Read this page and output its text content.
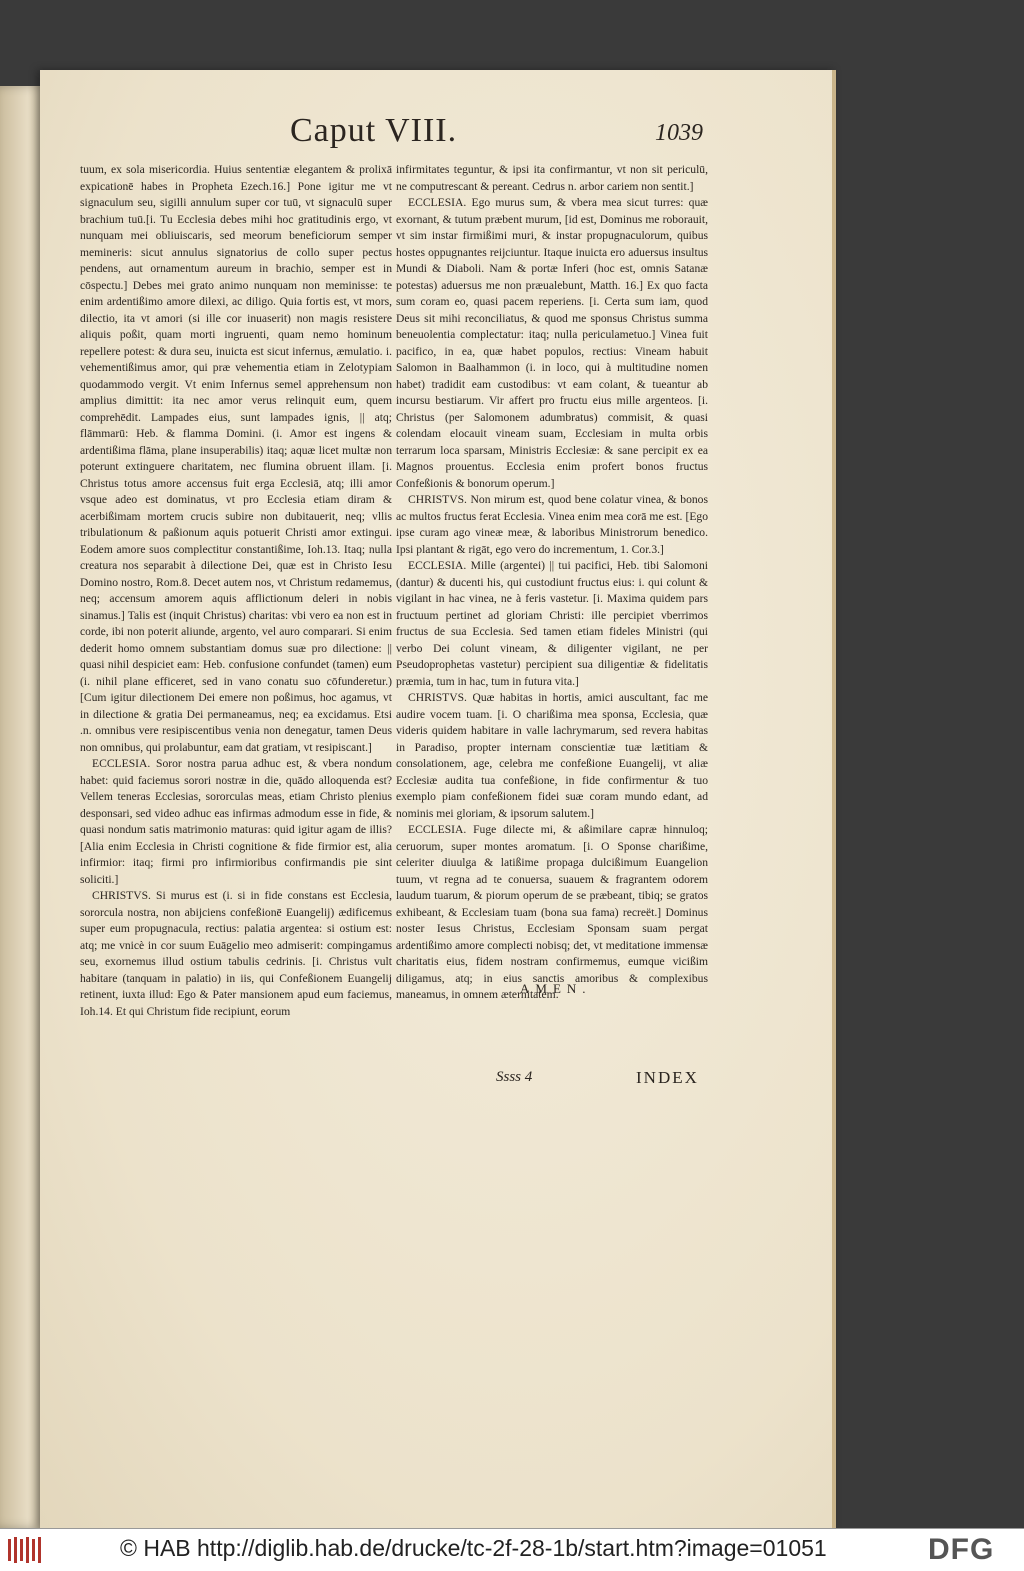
Caput VIII.	1039

tuum, ex sola misericordia. Huius sententiæ elegantem & prolixā expicationē habes in Propheta Ezech.16.] Pone igitur me vt signaculum seu, sigilli annulum super cor tuū, vt signaculū super brachium tuū.[i. Tu Ecclesia debes mihi hoc gratitudinis ergo, vt nunquam mei obliuiscaris, sed meorum beneficiorum semper memineris: sicut annulus signatorius de collo super pectus pendens, aut ornamentum aureum in brachio, semper est in cōspectu.] Debes mei grato animo nunquam non meminisse: te enim ardentißimo amore dilexi, ac diligo. Quia fortis est, vt mors, dilectio, ita vt amori (si ille cor inuaserit) non magis resistere aliquis poßit, quam morti ingruenti, quam nemo hominum repellere potest: & dura seu, inuicta est sicut infernus, æmulatio. i. vehementißimus amor, qui præ vehementia etiam in Zelotypiam quodammodo vergit. Vt enim Infernus semel apprehensum non amplius dimittit: ita nec amor verus relinquit eum, quem comprehēdit. Lampades eius, sunt lampades ignis, || atq; flāmmarū: Heb. & flamma Domini. (i. Amor est ingens & ardentißima flāma, plane insuperabilis) itaq; aquæ licet multæ non poterunt extinguere charitatem, nec flumina obruent illam. [i. Christus totus amore accensus fuit erga Ecclesiā, atq; illi amor vsque adeo est dominatus, vt pro Ecclesia etiam diram & acerbißimam mortem crucis subire non dubitauerit, neq; vllis tribulationum & paßionum aquis potuerit Christi amor extingui. Eodem amore suos complectitur constantißime, Ioh.13. Itaq; nulla creatura nos separabit à dilectione Dei, quæ est in Christo Iesu Domino nostro, Rom.8. Decet autem nos, vt Christum redamemus, neq; accensum amorem aquis afflictionum deleri in nobis sinamus.] Talis est (inquit Christus) charitas: vbi vero ea non est in corde, ibi non poterit aliunde, argento, vel auro comparari. Si enim dederit homo omnem substantiam domus suæ pro dilectione: || quasi nihil despiciet eam: Heb. confusione confundet (tamen) eum (i. nihil plane efficeret, sed in vano conatu suo cōfunderetur.) [Cum igitur dilectionem Dei emere non poßimus, hoc agamus, vt in dilectione & gratia Dei permaneamus, neq; ea excidamus. Etsi .n. omnibus vere resipiscentibus venia non denegatur, tamen Deus non omnibus, qui prolabuntur, eam dat gratiam, vt resipiscant.]

ECCLESIA. Soror nostra parua adhuc est, & vbera nondum habet: quid faciemus sorori nostræ in die, quādo alloquenda est? Vellem teneras Ecclesias, sororculas meas, etiam Christo plenius desponsari, sed video adhuc eas infirmas admodum esse in fide, & quasi nondum satis matrimonio maturas: quid igitur agam de illis? [Alia enim Ecclesia in Christi cognitione & fide firmior est, alia infirmior: itaq; firmi pro infirmioribus confirmandis pie sint soliciti.]

CHRISTVS. Si murus est (i. si in fide constans est Ecclesia, sororcula nostra, non abijciens confeßionē Euangelij) ædificemus super eum propugnacula, rectius: palatia argentea: si ostium est: atq; me vnicè in cor suum Euāgelio meo admiserit: compingamus seu, exornemus illud ostium tabulis cedrinis. [i. Christus vult habitare (tanquam in palatio) in iis, qui Confeßionem Euangelij retinent, iuxta illud: Ego & Pater mansionem apud eum faciemus, Ioh.14. Et qui Christum fide recipiunt, eorum

infirmitates teguntur, & ipsi ita confirmantur, vt non sit periculū, ne computrescant & pereant. Cedrus n. arbor cariem non sentit.]

ECCLESIA. Ego murus sum, & vbera mea sicut turres: quæ exornant, & tutum præbent murum, [id est, Dominus me roborauit, vt sim instar firmißimi muri, & instar propugnaculorum, quibus hostes oppugnantes reijciuntur. Itaque inuicta ero aduersus insultus Mundi & Diaboli. Nam & portæ Inferi (hoc est, omnis Satanæ potestas) aduersus me non præualebunt, Matth. 16.] Ex quo facta sum coram eo, quasi pacem reperiens. [i. Certa sum iam, quod Deus sit mihi reconciliatus, & quod me sponsus Christus summa beneuolentia complectatur: itaq; nulla periculametuo.] Vinea fuit pacifico, in ea, quæ habet populos, rectius: Vineam habuit Salomon in Baalhammon (i. in loco, qui à multitudine nomen habet) tradidit eam custodibus: vt eam colant, & tueantur ab incursu bestiarum. Vir affert pro fructu eius mille argenteos. [i. Christus (per Salomonem adumbratus) commisit, & quasi colendam elocauit vineam suam, Ecclesiam in multa orbis terrarum loca sparsam, Ministris Ecclesiæ: & sane percipit ex ea Magnos prouentus. Ecclesia enim profert bonos fructus Confeßionis & bonorum operum.]

CHRISTVS. Non mirum est, quod bene colatur vinea, & bonos ac multos fructus ferat Ecclesia. Vinea enim mea corā me est. [Ego ipse curam ago vineæ meæ, & laboribus Ministrorum benedico. Ipsi plantant & rigāt, ego vero do incrementum, 1. Cor.3.]

ECCLESIA. Mille (argentei) || tui pacifici, Heb. tibi Salomoni (dantur) & ducenti his, qui custodiunt fructus eius: i. qui colunt & vigilant in hac vinea, ne à feris vastetur. [i. Maxima quidem pars fructuum pertinet ad gloriam Christi: ille percipiet vberrimos fructus de sua Ecclesia. Sed tamen etiam fideles Ministri (qui verbo Dei colunt vineam, & diligenter vigilant, ne per Pseudoprophetas vastetur) percipient sua diligentiæ & fidelitatis præmia, tum in hac, tum in futura vita.]

CHRISTVS. Quæ habitas in hortis, amici auscultant, fac me audire vocem tuam. [i. O charißima mea sponsa, Ecclesia, quæ videris quidem habitare in valle lachrymarum, sed revera habitas in Paradiso, propter internam conscientiæ tuæ lætitiam & consolationem, age, celebra me confeßione Euangelij, vt aliæ Ecclesiæ audita tua confeßione, in fide confirmentur & tuo exemplo piam confeßionem fidei suæ coram mundo edant, ad nominis mei gloriam, & ipsorum salutem.]

ECCLESIA. Fuge dilecte mi, & aßimilare capræ hinnuloq; ceruorum, super montes aromatum. [i. O Sponse charißime, celeriter diuulga & latißime propaga dulcißimum Euangelion tuum, vt regna ad te conuersa, suauem & fragrantem odorem laudum tuarum, & piorum operum de se præbeant, tibiq; se gratos exhibeant, & Ecclesiam tuam (bona sua fama) recreët.] Dominus noster Iesus Christus, Ecclesiam Sponsam suam pergat ardentißimo amore complecti nobisq; det, vt meditatione immensæ charitatis eius, fidem nostram confirmemus, eumque vicißim diligamus, atq; in eius sanctis amoribus & complexibus maneamus, in omnem æternitatem.

AMEN.
Ssss 4	INDEX
© HAB http://diglib.hab.de/drucke/tc-2f-28-1b/start.htm?image=01051	DFG
